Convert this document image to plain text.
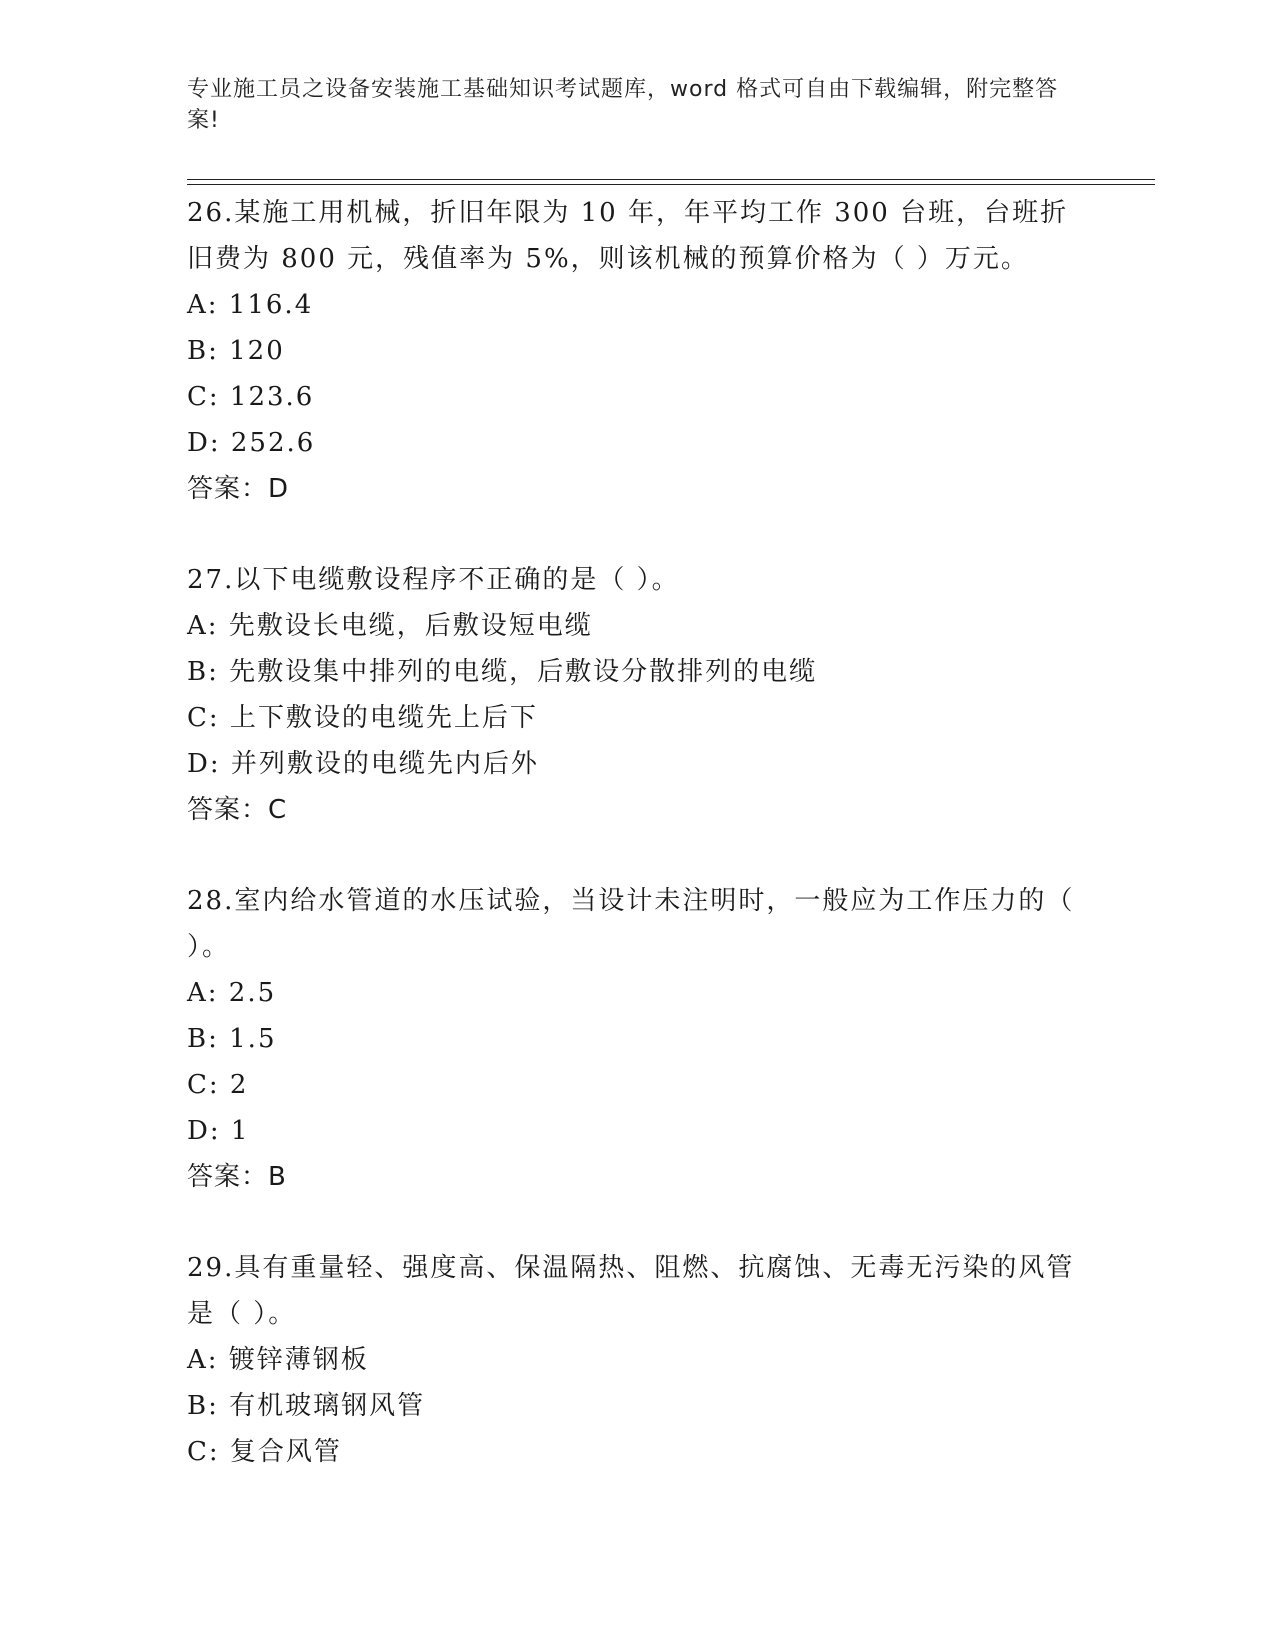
专业施工员之设备安装施工基础知识考试题库，word 格式可自由下载编辑，附完整答案!

26.某施工用机械，折旧年限为 10 年，年平均工作 300 台班，台班折旧费为 800 元，残值率为 5%，则该机械的预算价格为（ ）万元。

A: 116.4

B: 120

C: 123.6

D: 252.6

答案：D

27.以下电缆敷设程序不正确的是（ ）。

A: 先敷设长电缆，后敷设短电缆

B: 先敷设集中排列的电缆，后敷设分散排列的电缆

C: 上下敷设的电缆先上后下

D: 并列敷设的电缆先内后外

答案：C

28.室内给水管道的水压试验，当设计未注明时，一般应为工作压力的（ ）。

A: 2.5

B: 1.5

C: 2

D: 1

答案：B

29.具有重量轻、强度高、保温隔热、阻燃、抗腐蚀、无毒无污染的风管是（ ）。

A: 镀锌薄钢板

B: 有机玻璃钢风管

C: 复合风管
